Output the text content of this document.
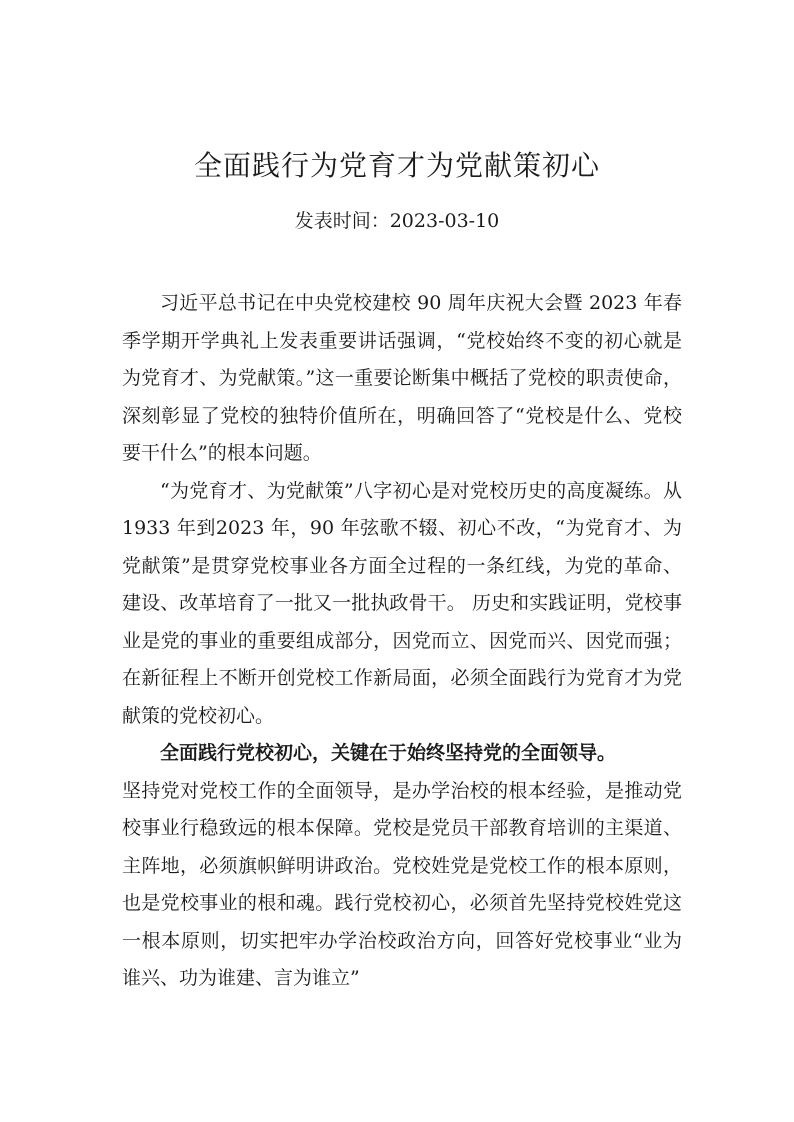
全面践行为党育才为党献策初心

发表时间：2023-03-10

习近平总书记在中央党校建校 90 周年庆祝大会暨 2023 年春季学期开学典礼上发表重要讲话强调，“党校始终不变的初心就是为党育才、为党献策。”这一重要论断集中概括了党校的职责使命，深刻彰显了党校的独特价值所在，明确回答了“党校是什么、党校要干什么”的根本问题。

“为党育才、为党献策”八字初心是对党校历史的高度凝练。从1933 年到2023 年，90 年弦歌不辍、初心不改，“为党育才、为党献策”是贯穿党校事业各方面全过程的一条红线，为党的革命、建设、改革培育了一批又一批执政骨干。 历史和实践证明，党校事业是党的事业的重要组成部分，因党而立、因党而兴、因党而强；在新征程上不断开创党校工作新局面，必须全面践行为党育才为党献策的党校初心。

全面践行党校初心，关键在于始终坚持党的全面领导。

坚持党对党校工作的全面领导，是办学治校的根本经验，是推动党校事业行稳致远的根本保障。党校是党员干部教育培训的主渠道、主阵地，必须旗帜鲜明讲政治。党校姓党是党校工作的根本原则，也是党校事业的根和魂。践行党校初心，必须首先坚持党校姓党这一根本原则，切实把牢办学治校政治方向，回答好党校事业“业为谁兴、功为谁建、言为谁立”
